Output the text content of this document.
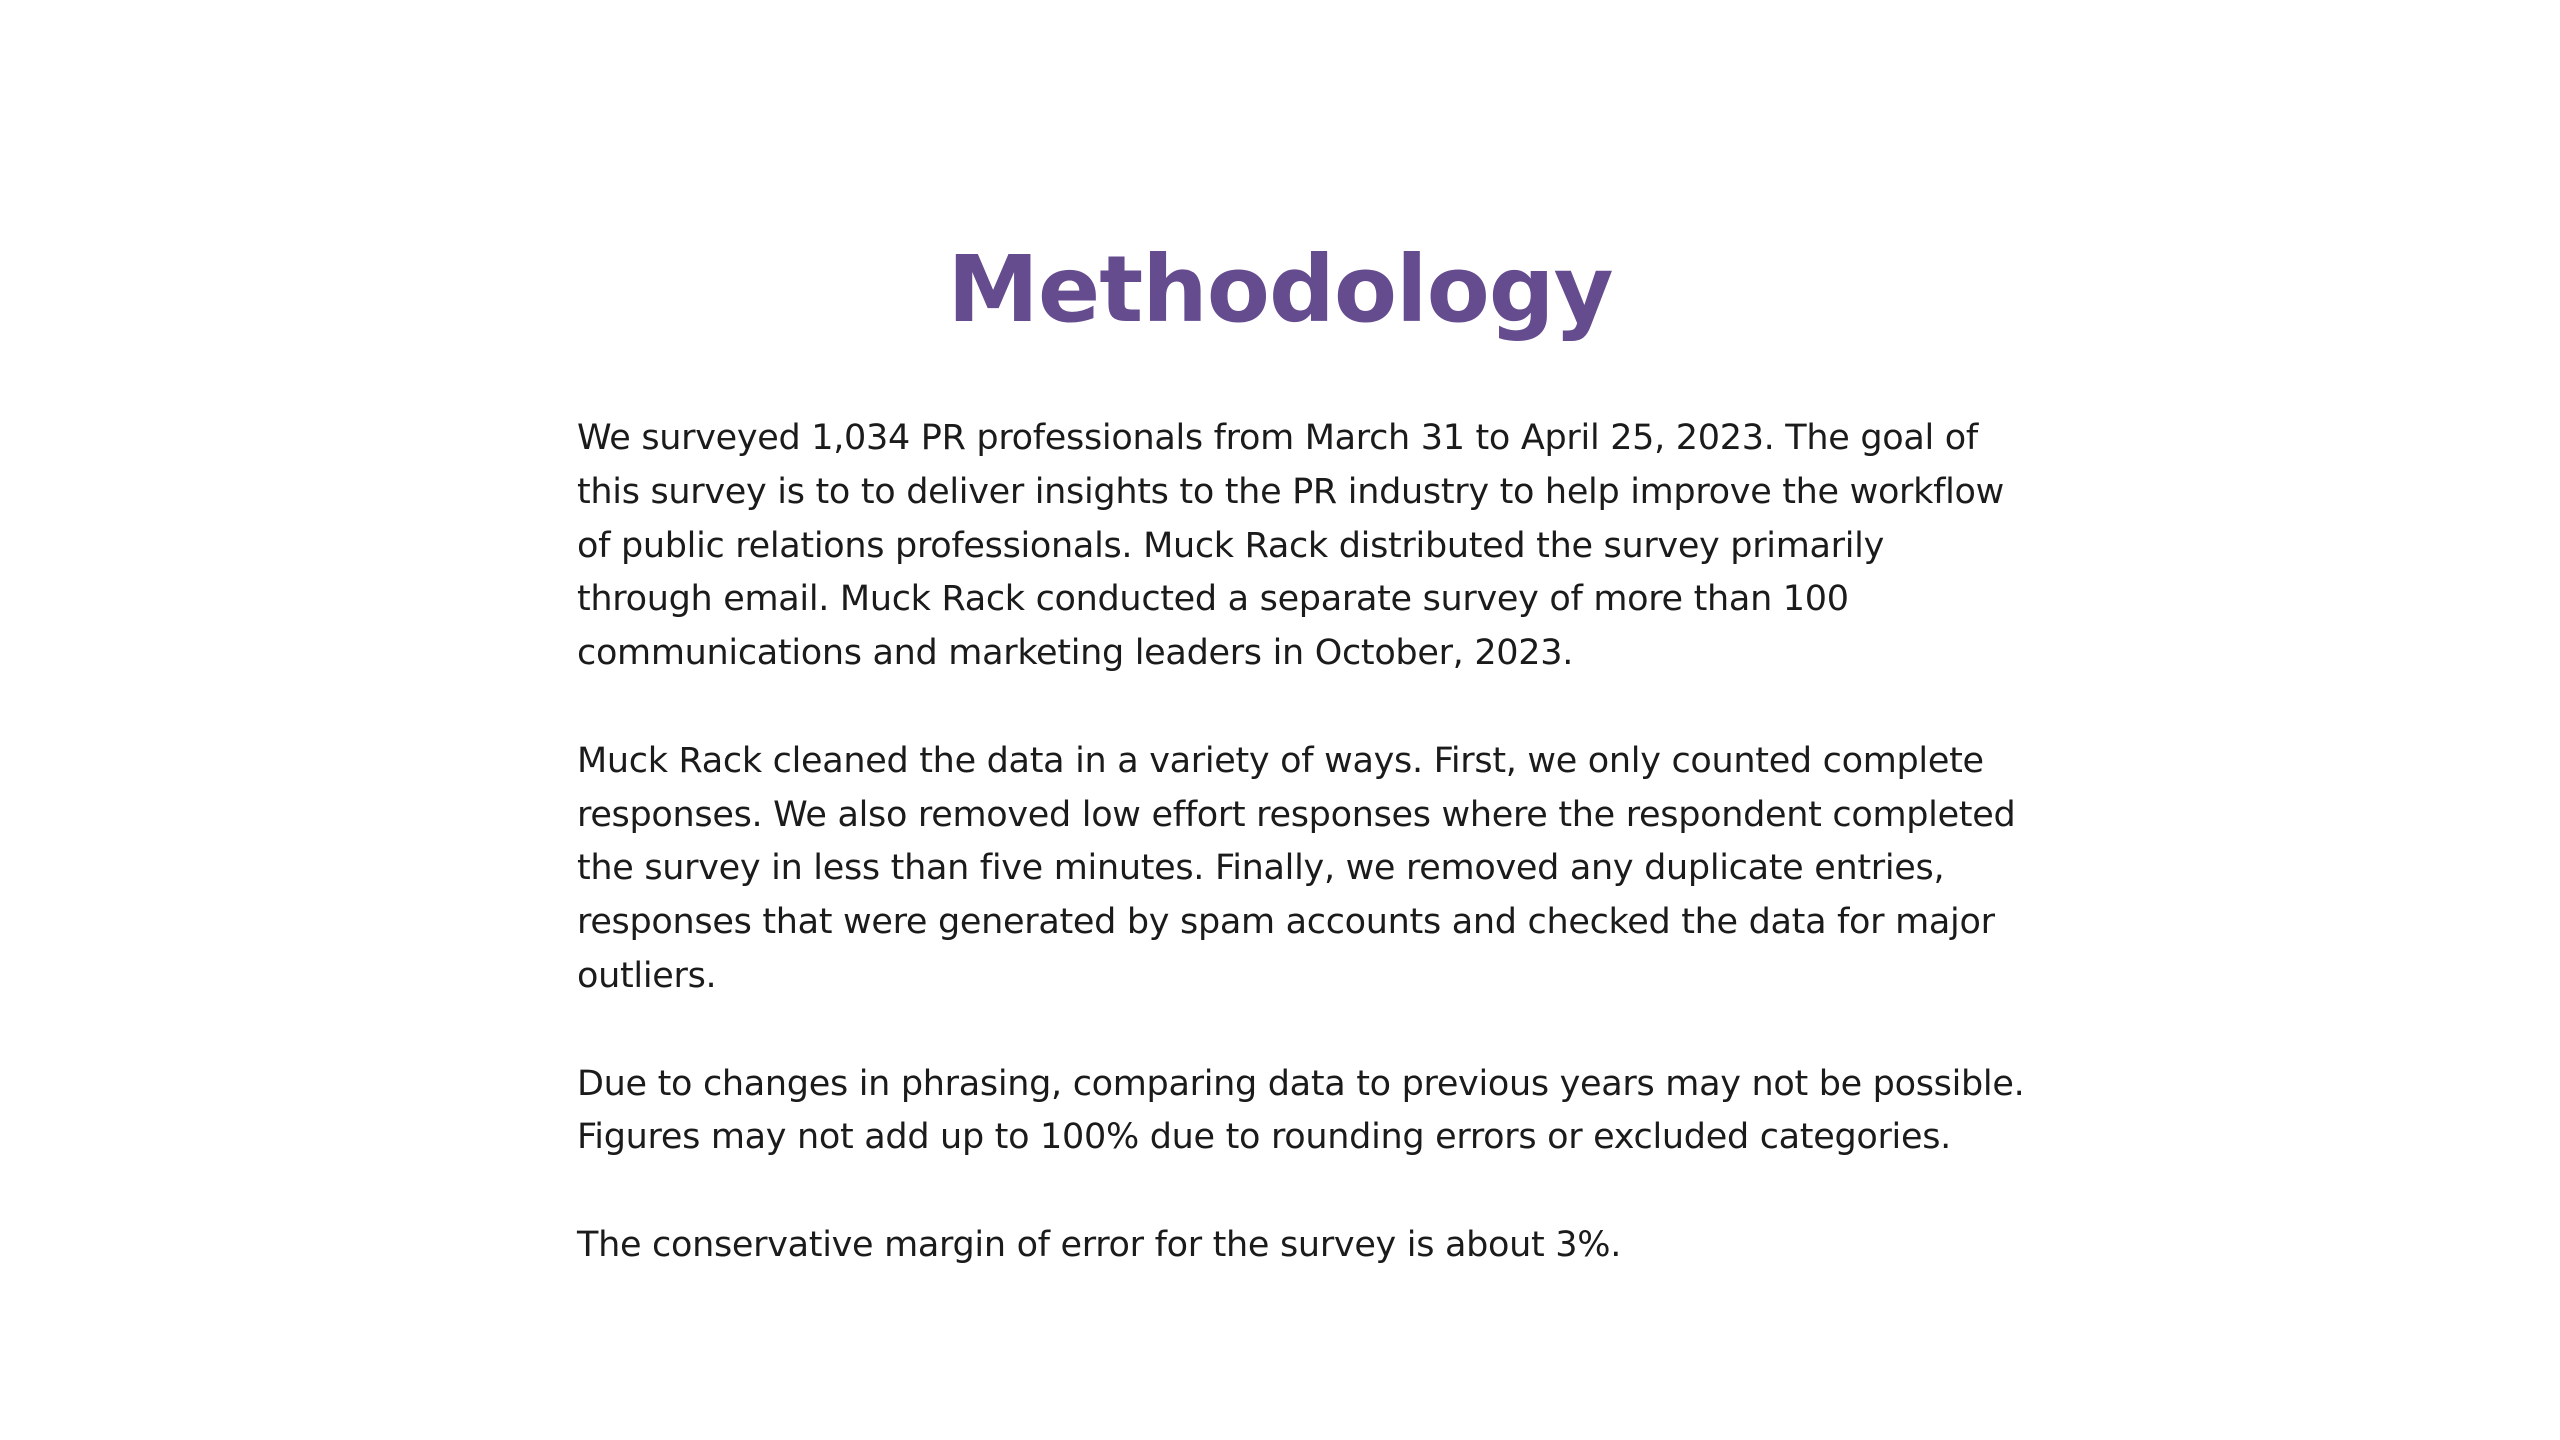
Methodology

We surveyed 1,034 PR professionals from March 31 to April 25, 2023. The goal of this survey is to to deliver insights to the PR industry to help improve the workflow of public relations professionals. Muck Rack distributed the survey primarily through email. Muck Rack conducted a separate survey of more than 100 communications and marketing leaders in October, 2023.

Muck Rack cleaned the data in a variety of ways. First, we only counted complete responses. We also removed low effort responses where the respondent completed the survey in less than five minutes. Finally, we removed any duplicate entries, responses that were generated by spam accounts and checked the data for major outliers.

Due to changes in phrasing, comparing data to previous years may not be possible. Figures may not add up to 100% due to rounding errors or excluded categories.

The conservative margin of error for the survey is about 3%.
